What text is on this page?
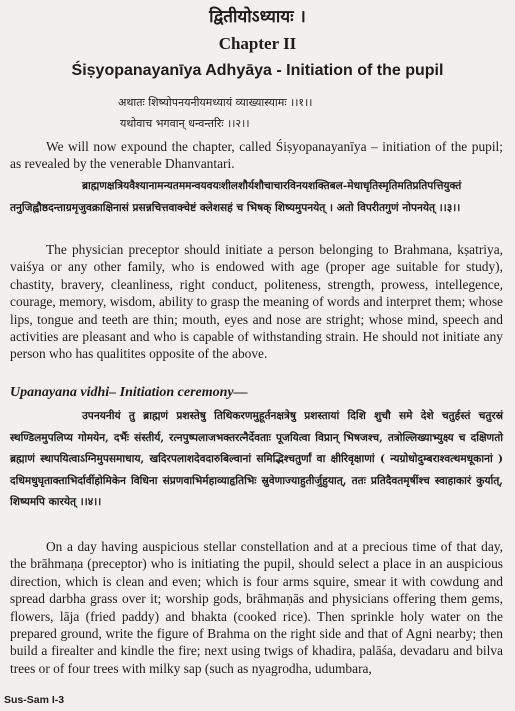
द्वितीयोऽध्यायः ।
Chapter II
Śiṣyopanayanīya Adhyāya - Initiation of the pupil
अथातः शिष्योपनयनीयमध्यायं व्याख्यास्यामः ।।१।।
यथोवाच भगवान् धन्वन्तरिः ।।२।।

We will now expound the chapter, called Śiṣyopanayanīya – initiation of the pupil; as revealed by the venerable Dhanvantari.

ब्राह्मणक्षत्रियवैश्यानामन्यतममन्वयवयःशीलशौर्यशौचाचारविनयशक्तिबल-मेधाधृतिस्मृतिमतिप्रतिपत्तियुक्तं तनुजिह्वौष्ठदन्ताग्रमृजुवक्राक्षिनासं प्रसन्नचित्तवाक्चेष्टं क्लेशसहं च भिषक् शिष्यमुपनयेत् । अतो विपरीतगुणं नोपनयेत् ।।३।।

The physician preceptor should initiate a person belonging to Brahmana, kṣatriya, vaiśya or any other family, who is endowed with age (proper age suitable for study), chastity, bravery, cleanliness, right conduct, politeness, strength, prowess, intellegence, courage, memory, wisdom, ability to grasp the meaning of words and interpret them; whose lips, tongue and teeth are thin; mouth, eyes and nose are stright; whose mind, speech and activities are pleasant and who is capable of withstanding strain. He should not initiate any person who has qualitites opposite of the above.

Upanayana vidhi– Initiation ceremony—

उपनयनीयं तु ब्राह्मणं प्रशस्तेषु तिथिकरणमुहूर्तनक्षत्रेषु प्रशस्तायां दिशि शुचौ समे देशे चतुर्हस्तं चतुरस्रं स्थण्डिलमुपलिप्य गोमयेन, दर्भैः संस्तीर्य, रत्नपुष्पलाजभक्तरत्नैर्देवताः पूजयित्वा विप्रान् भिषजश्च, तत्रोल्लिख्याभ्युक्ष्य च दक्षिणतो ब्रह्माणं स्थापयित्वाऽग्निमुपसमाधाय, खदिरपलाशदेवदारुबिल्वानां समिद्भिश्चतुर्णां वा क्षीरिवृक्षाणां ( न्यग्रोधोदुम्बराश्वत्थमधूकानां ) दधिमधुघृताक्ताभिर्दार्वीहोमिकेन विधिना संप्रणवाभिर्महाव्याहृतिभिः स्रुवेणाज्याहुतीर्जुहुयात्, ततः प्रतिदैवतमृषींश्च स्वाहाकारं कुर्यात्, शिष्यमपि कारयेत् ।।४।।

On a day having auspicious stellar constellation and at a precious time of that day, the brāhmaṇa (preceptor) who is initiating the pupil, should select a place in an auspicious direction, which is clean and even; which is four arms squire, smear it with cowdung and spread darbha grass over it; worship gods, brāhmaṇās and physicians offering them gems, flowers, lāja (fried paddy) and bhakta (cooked rice). Then sprinkle holy water on the prepared ground, write the figure of Brahma on the right side and that of Agni nearby; then build a firealter and kindle the fire; next using twigs of khadira, palāśa, devadaru and bilva trees or of four trees with milky sap (such as nyagrodha, udumbara,

Sus-Sam I-3
